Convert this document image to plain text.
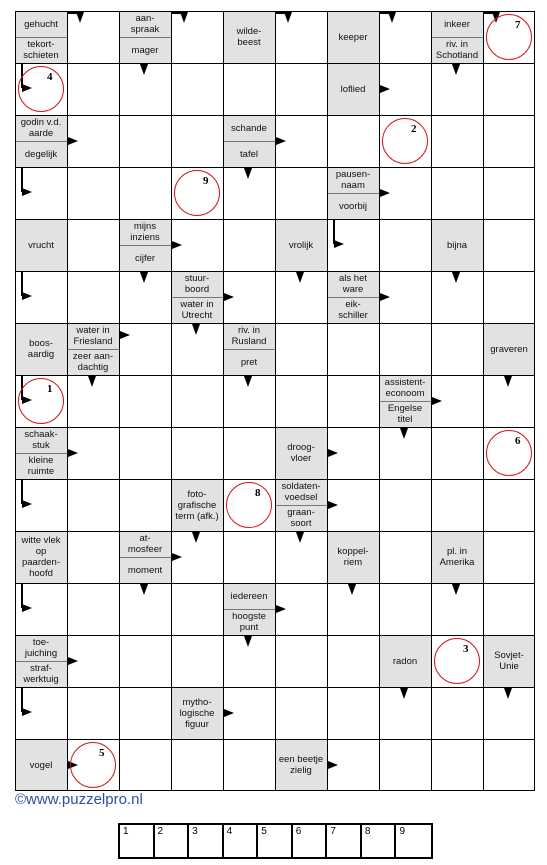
gehucht
tekort-
schieten
aan-
spraak
mager
wilde-
beest	keeper
inkeer
riv. in
Schotland
loflied
godin v.d.
aarde
degelijk
schande
tafel
pausen-
naam
voorbij
vrucht
mijns
inziens
cijfer
vrolijk	bijna
stuur-
boord
water in
Utrecht
als het
ware
eik-
schiller
boos-
aardig
water in
Friesland
zeer aan-
dachtig
riv. in
Rusland
pret
graveren
assistent-
econoom
Engelse
titel
schaak-
stuk
kleine
ruimte
droog-
vloer
foto-
grafische
term (afk.)
soldaten-
voedsel
graan-
soort
witte vlek
op
paarden-
hoofd
at-
mosfeer
moment
koppel-
riem
pl. in
Amerika
iedereen
hoogste
punt
toe-
juiching
straf-
werktuig
radon	Sovjet-
Unie
mytho-
logische
figuur
vogel	een beetje
zielig
7
4
2
9
1
6
8
3
5
©www.puzzelpro.nl
1	2	3	4	5	6	7	8	9
